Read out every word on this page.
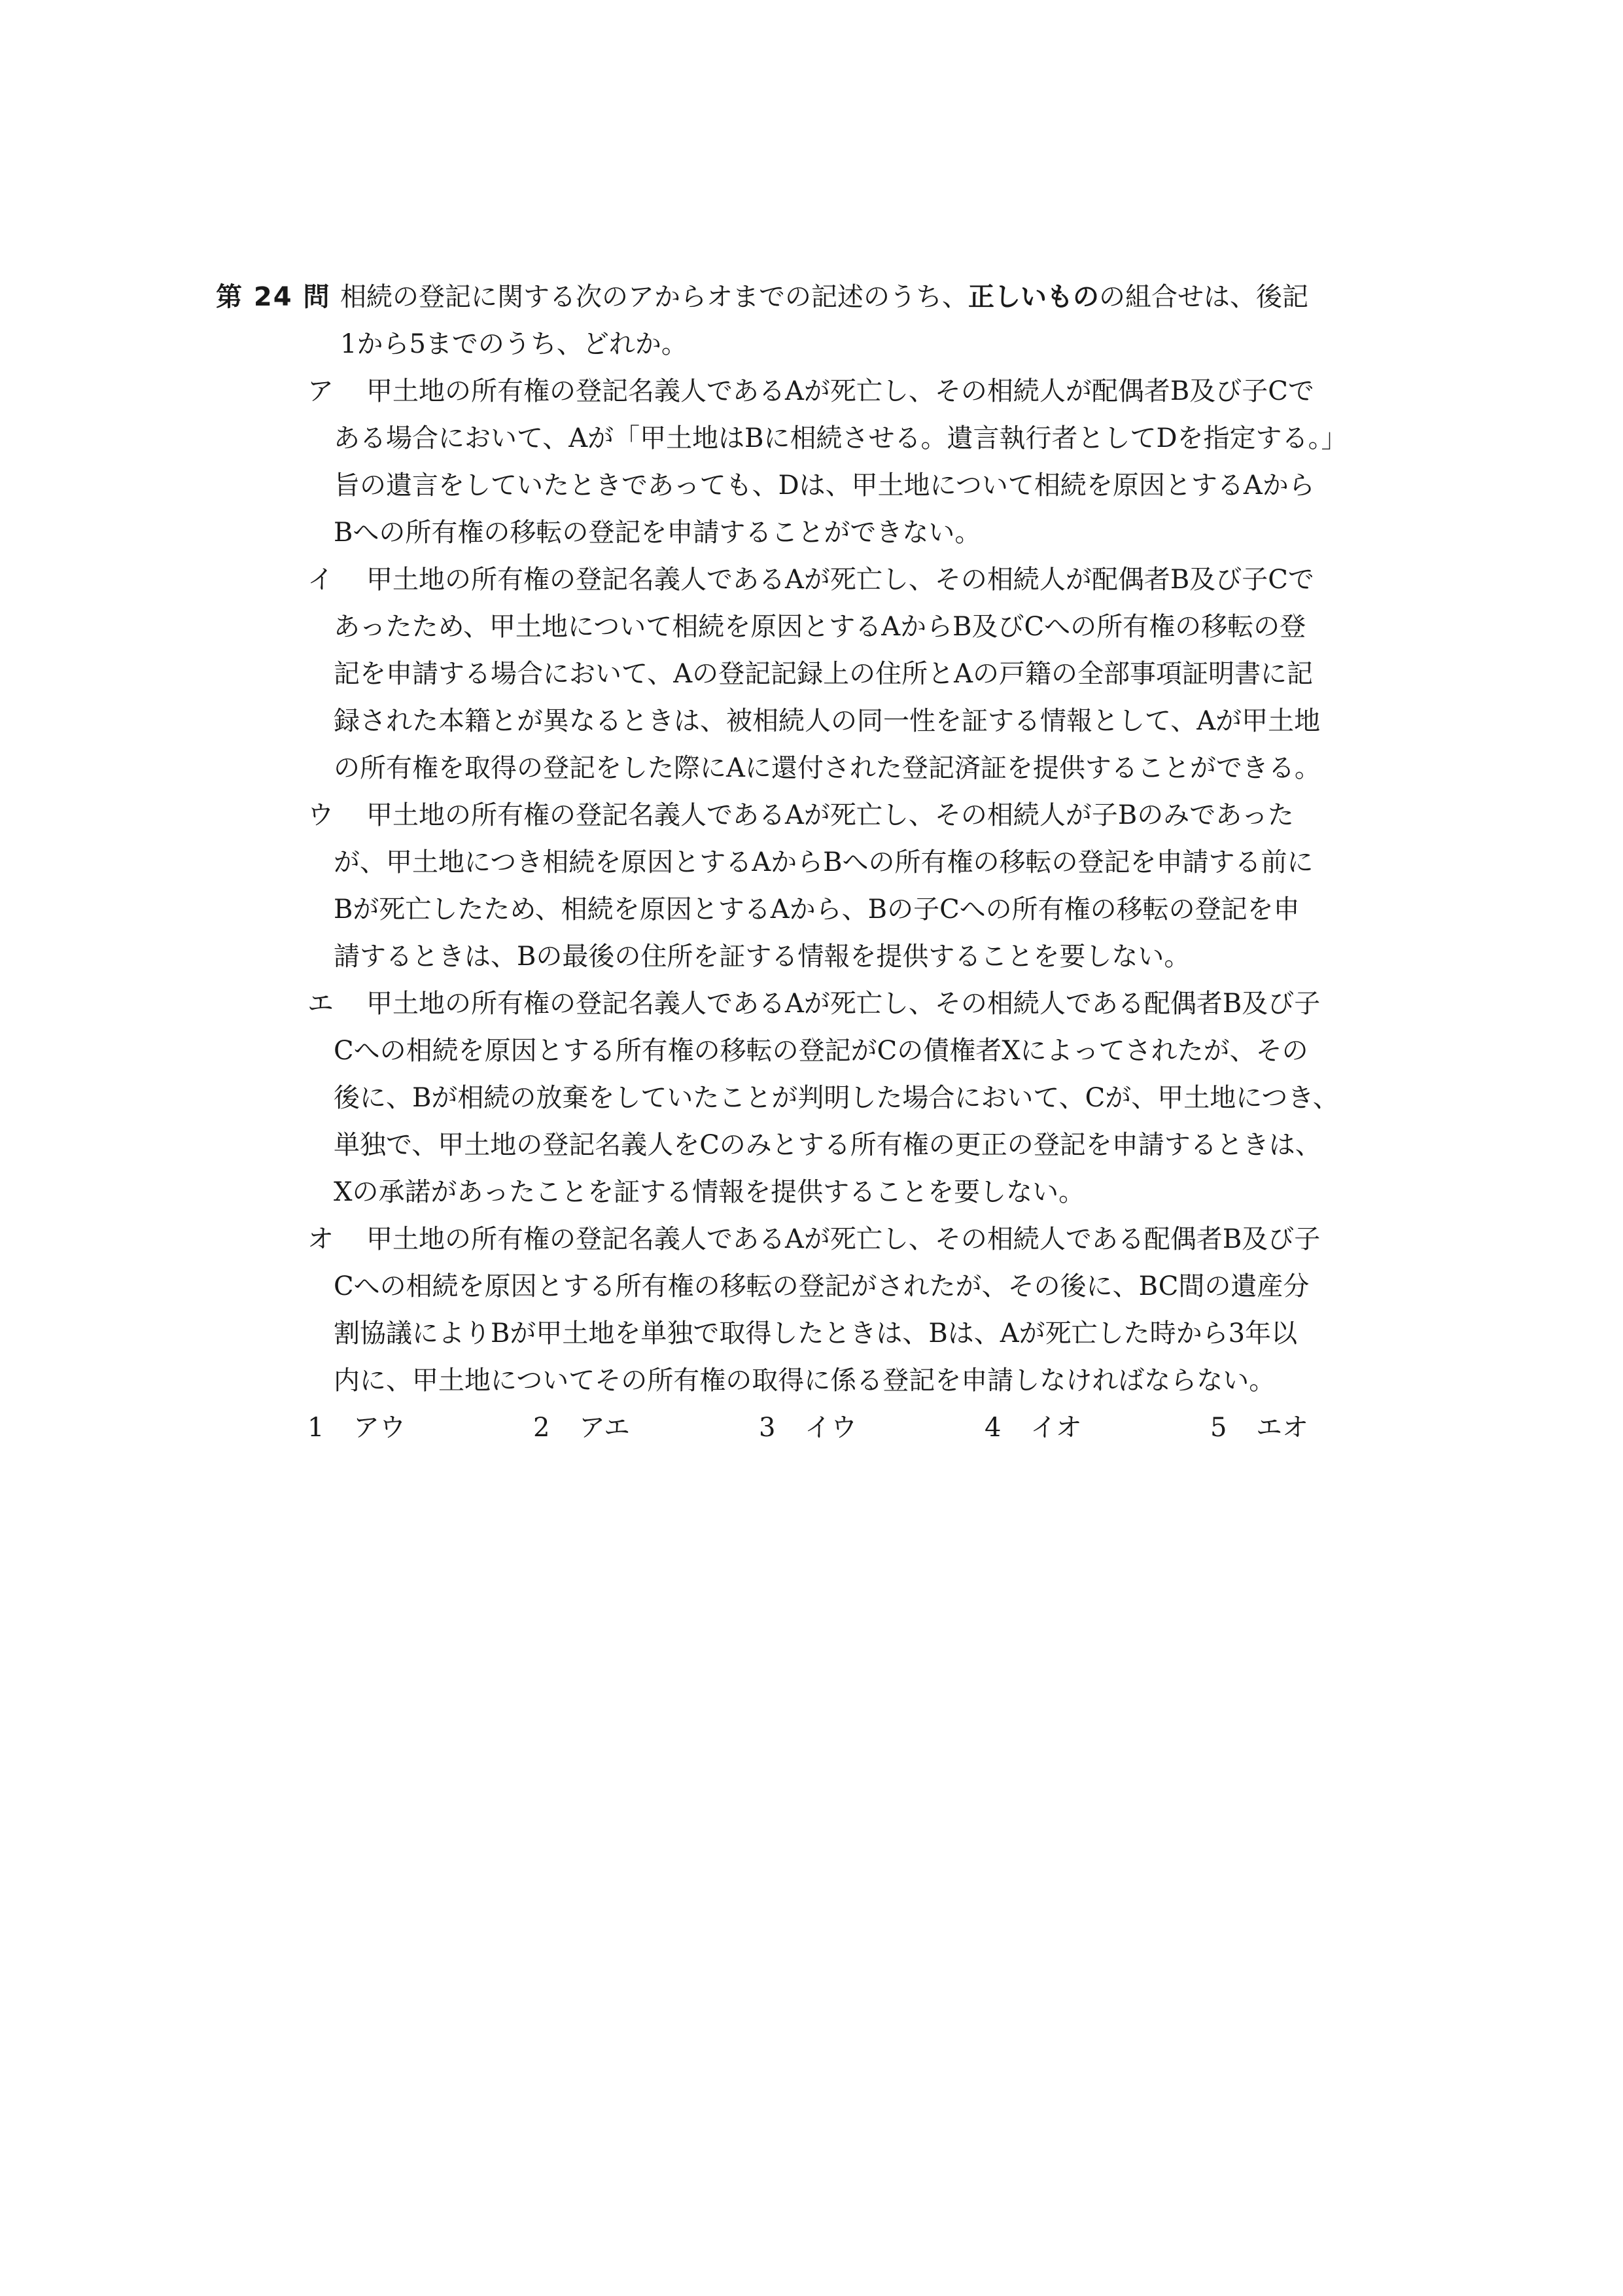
第 24 問 相続の登記に関する次のアからオまでの記述のうち、正しいものの組合せは、後記
1から5までのうち、どれか。
ア	甲土地の所有権の登記名義人であるAが死亡し、その相続人が配偶者B及び子Cで
ある場合において、Aが「甲土地はBに相続させる。遺言執行者としてDを指定する。」
旨の遺言をしていたときであっても、Dは、甲土地について相続を原因とするAから
Bへの所有権の移転の登記を申請することができない。
イ	甲土地の所有権の登記名義人であるAが死亡し、その相続人が配偶者B及び子Cで
あったため、甲土地について相続を原因とするAからB及びCへの所有権の移転の登
記を申請する場合において、Aの登記記録上の住所とAの戸籍の全部事項証明書に記
録された本籍とが異なるときは、被相続人の同一性を証する情報として、Aが甲土地
の所有権を取得の登記をした際にAに還付された登記済証を提供することができる。
ウ	甲土地の所有権の登記名義人であるAが死亡し、その相続人が子Bのみであった
が、甲土地につき相続を原因とするAからBへの所有権の移転の登記を申請する前に
Bが死亡したため、相続を原因とするAから、Bの子Cへの所有権の移転の登記を申
請するときは、Bの最後の住所を証する情報を提供することを要しない。
エ	甲土地の所有権の登記名義人であるAが死亡し、その相続人である配偶者B及び子
Cへの相続を原因とする所有権の移転の登記がCの債権者Xによってされたが、その
後に、Bが相続の放棄をしていたことが判明した場合において、Cが、甲土地につき、
単独で、甲土地の登記名義人をCのみとする所有権の更正の登記を申請するときは、
Xの承諾があったことを証する情報を提供することを要しない。
オ	甲土地の所有権の登記名義人であるAが死亡し、その相続人である配偶者B及び子
Cへの相続を原因とする所有権の移転の登記がされたが、その後に、BC間の遺産分
割協議によりBが甲土地を単独で取得したときは、Bは、Aが死亡した時から3年以
内に、甲土地についてその所有権の取得に係る登記を申請しなければならない。
1 アウ	2 アエ	3 イウ	4 イオ	5 エオ
